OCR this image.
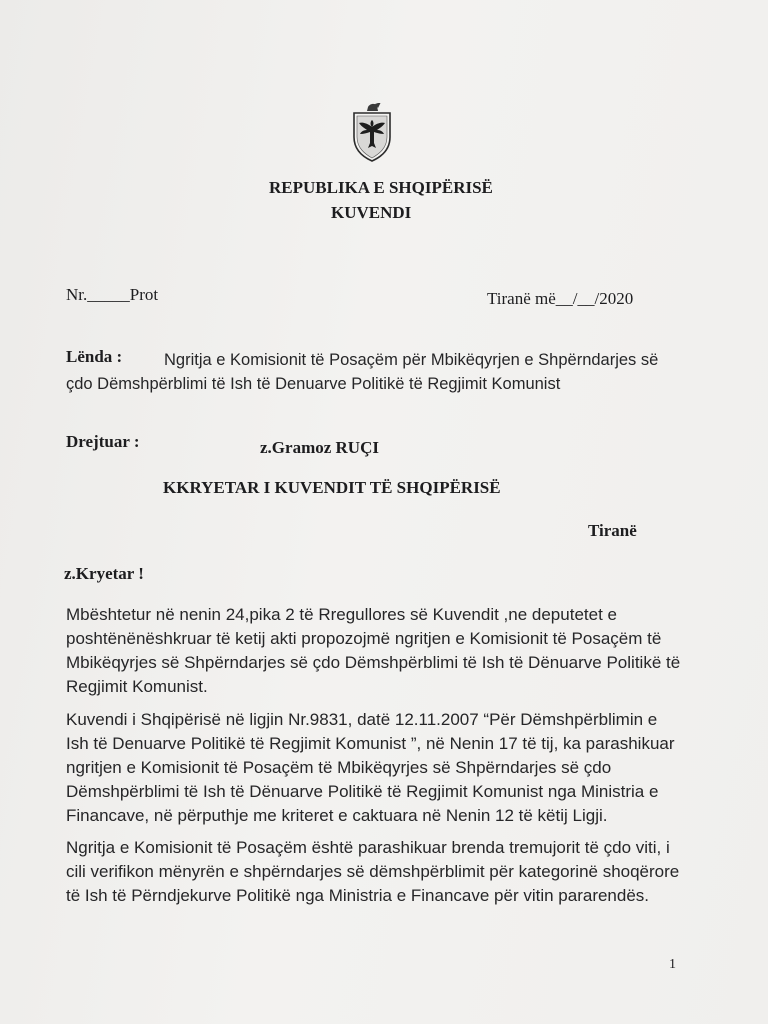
REPUBLIKA E SHQIPËRISË
KUVENDI
Nr._____Prot	Tiranë më__/__/2020
Lënda :	Ngritja e Komisionit të Posaçëm për Mbikëqyrjen e Shpërndarjes së
çdo Dëmshpërblimi të Ish të Denuarve Politikë të Regjimit Komunist
Drejtuar :	z.Gramoz RUÇI
KKRYETAR I KUVENDIT TË SHQIPËRISË
Tiranë
z.Kryetar !
Mbështetur në nenin 24,pika 2 të Rregullores së Kuvendit ,ne deputetet e
poshtënënëshkruar të ketij akti propozojmë ngritjen e Komisionit të Posaçëm të
Mbikëqyrjes së Shpërndarjes së çdo Dëmshpërblimi të Ish të Dënuarve Politikë të
Regjimit Komunist.
Kuvendi i Shqipërisë në ligjin Nr.9831, datë 12.11.2007 “Për Dëmshpërblimin e
Ish të Denuarve Politikë të Regjimit Komunist ”, në Nenin 17 të tij, ka parashikuar
ngritjen e Komisionit të Posaçëm të Mbikëqyrjes së Shpërndarjes së çdo
Dëmshpërblimi të Ish të Dënuarve Politikë të Regjimit Komunist nga Ministria e
Financave, në përputhje me kriteret e caktuara në Nenin 12 të këtij Ligji.
Ngritja e Komisionit të Posaçëm është parashikuar brenda tremujorit të çdo viti, i
cili verifikon mënyrën e shpërndarjes së dëmshpërblimit për kategorinë shoqërore
të Ish të Përndjekurve Politikë nga Ministria e Financave për vitin pararendës.
1
